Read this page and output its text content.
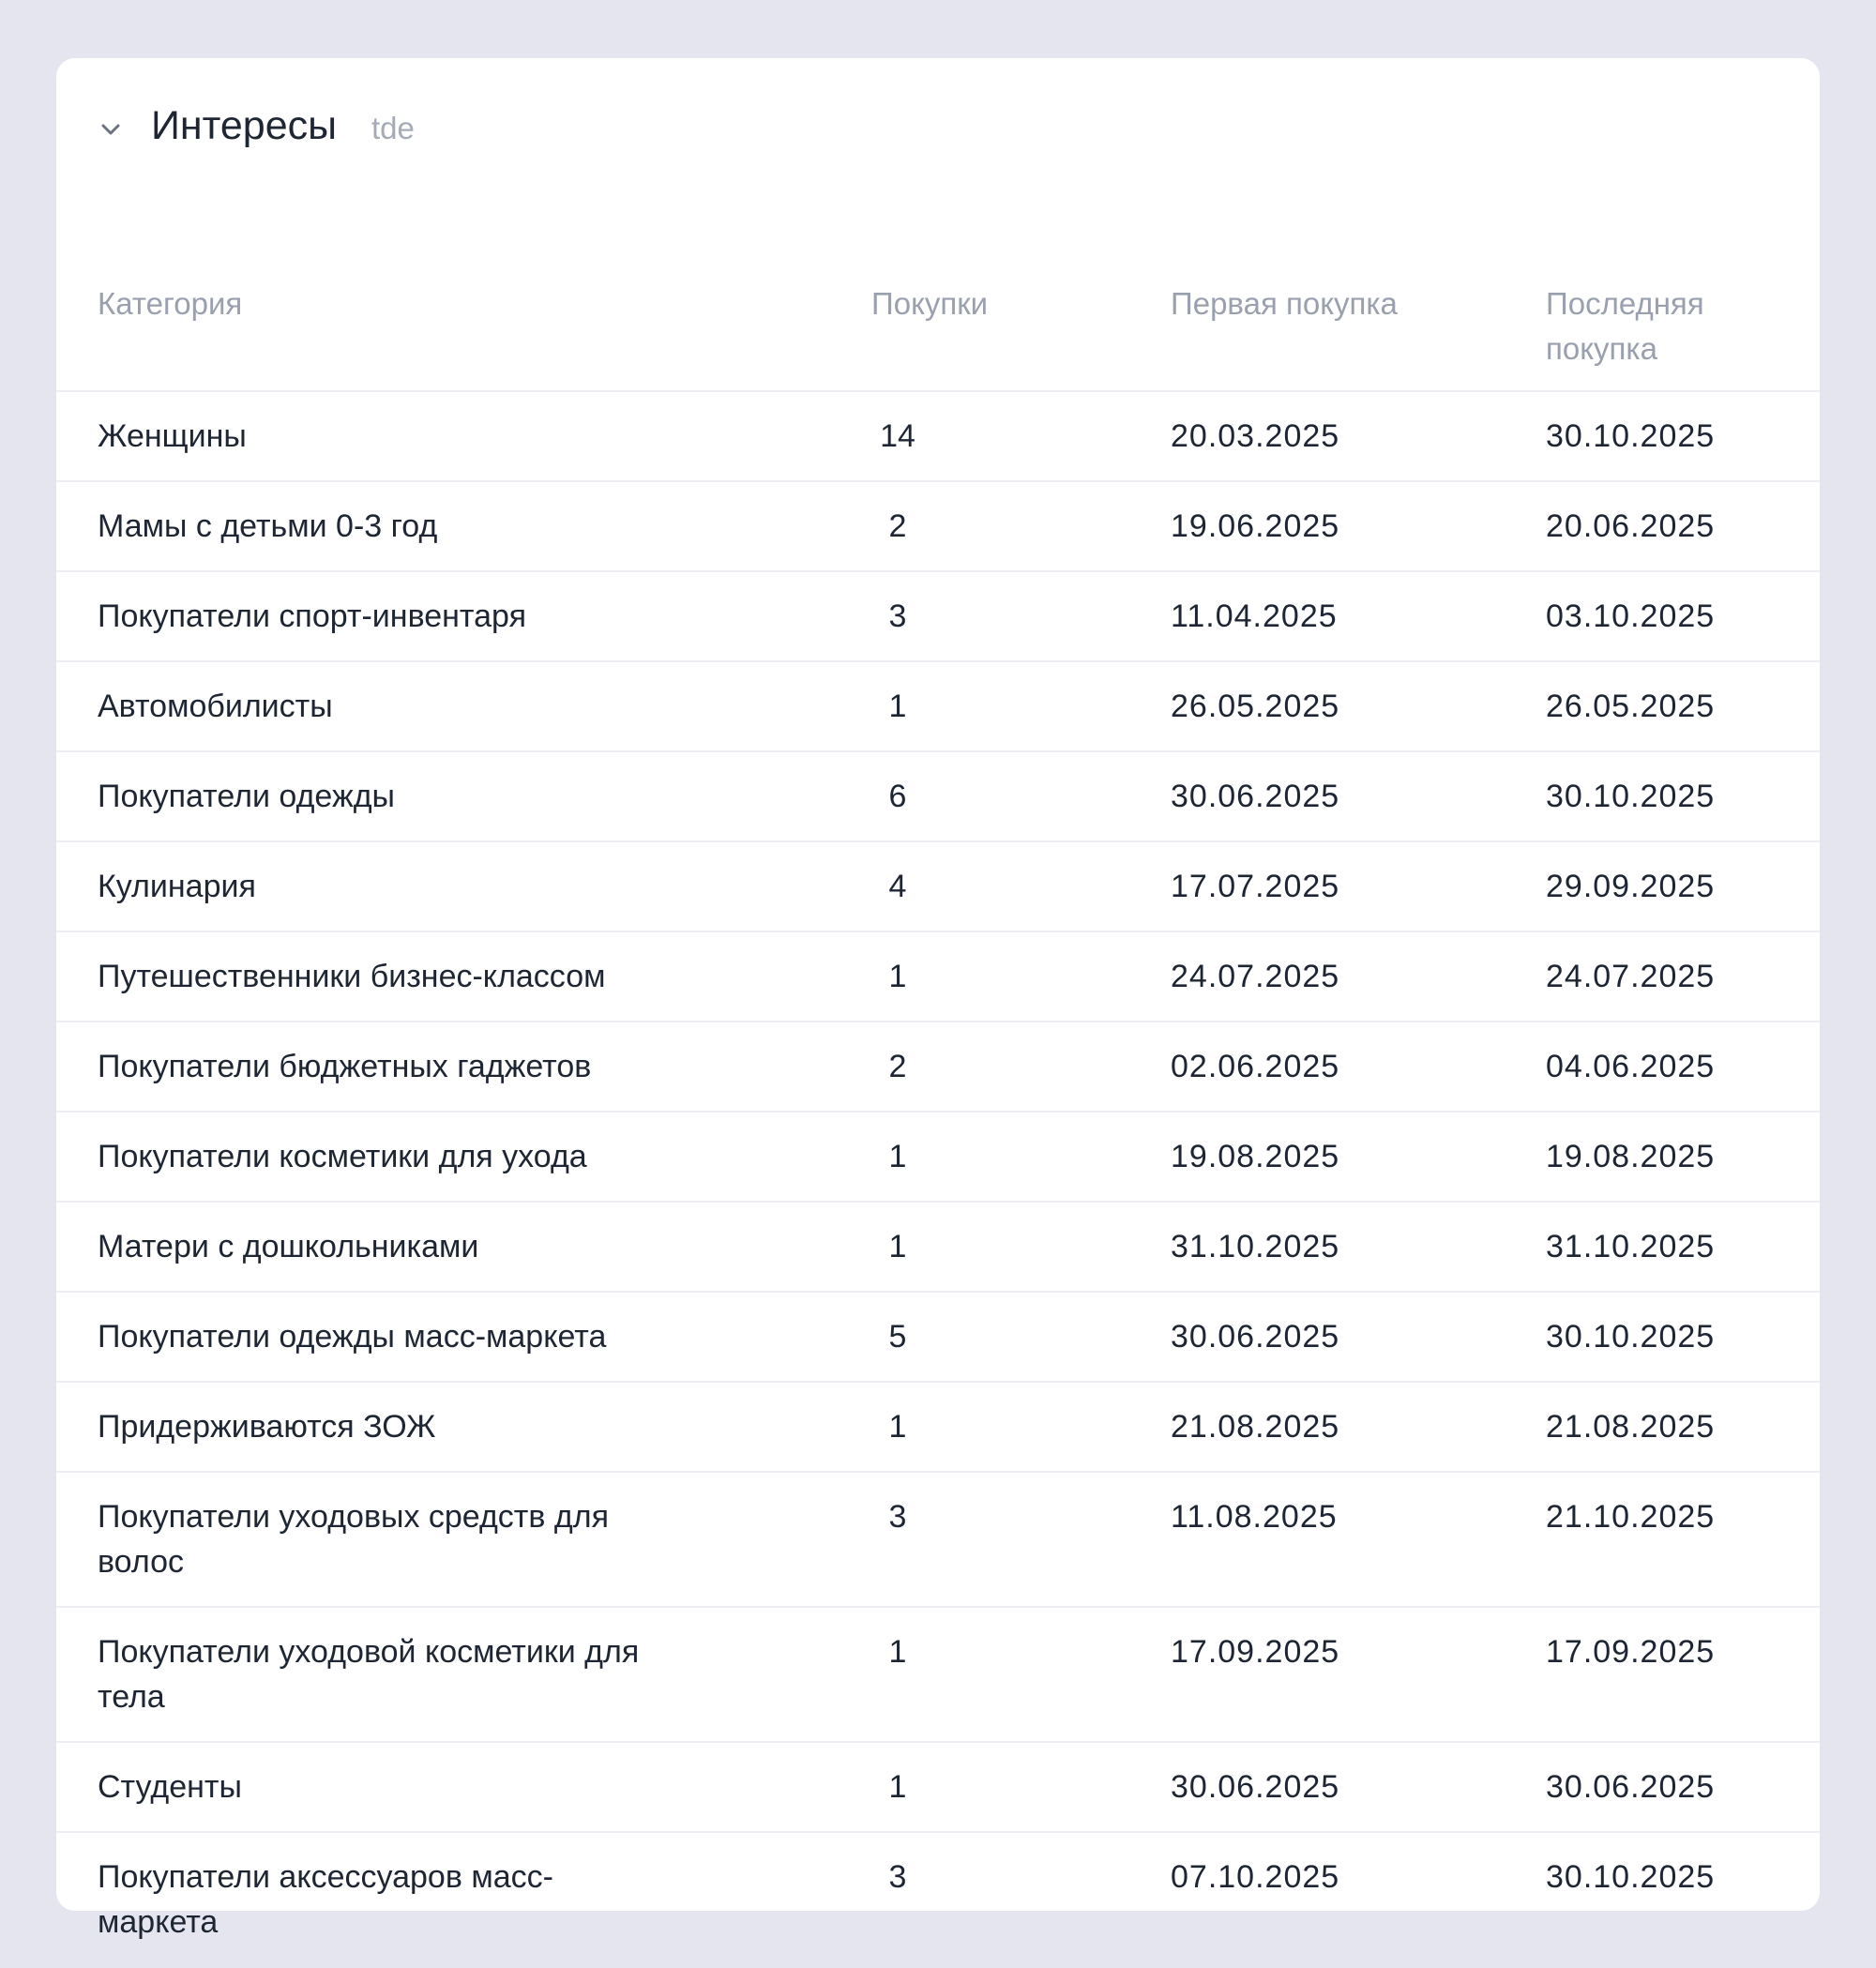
Интересы tde
Категория	Покупки	Первая покупка	Последняя покупка

Женщины	14	20.03.2025	30.10.2025

Мамы с детьми 0-3 год	2	19.06.2025	20.06.2025

Покупатели спорт-инвентаря	3	11.04.2025	03.10.2025

Автомобилисты	1	26.05.2025	26.05.2025

Покупатели одежды	6	30.06.2025	30.10.2025

Кулинария	4	17.07.2025	29.09.2025

Путешественники бизнес-классом	1	24.07.2025	24.07.2025

Покупатели бюджетных гаджетов	2	02.06.2025	04.06.2025

Покупатели косметики для ухода	1	19.08.2025	19.08.2025

Матери с дошкольниками	1	31.10.2025	31.10.2025

Покупатели одежды масс-маркета	5	30.06.2025	30.10.2025

Придерживаются ЗОЖ	1	21.08.2025	21.08.2025

Покупатели уходовых средств для волос	3	11.08.2025	21.10.2025

Покупатели уходовой косметики для тела	1	17.09.2025	17.09.2025

Студенты	1	30.06.2025	30.06.2025

Покупатели аксессуаров масс-маркета	3	07.10.2025	30.10.2025
